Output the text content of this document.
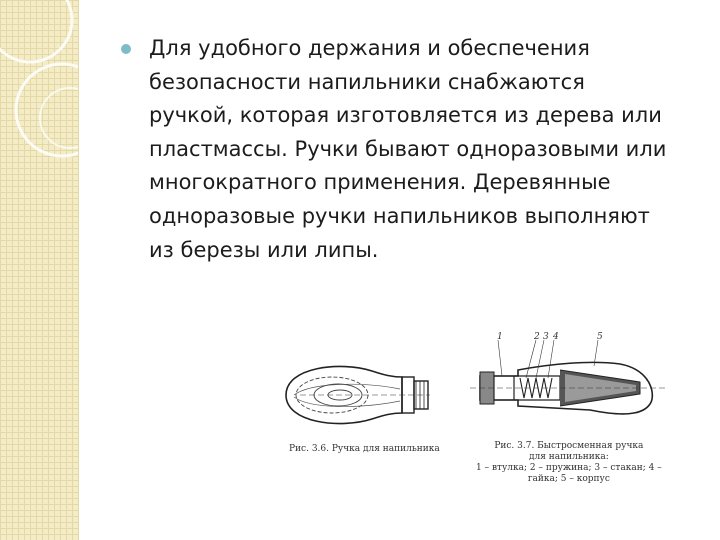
Для удобного держания и обеспечения безопасности напильники снабжаются ручкой, которая изготовляется из дерева или пластмассы. Ручки бывают одноразовыми или многократного применения. Деревянные одноразовые ручки напильников выполняют из березы или липы.

Рис. 3.6. Ручка для напильника

1	2 3 4	5
Рис. 3.7. Быстросменная ручка
для напильника:
1 – втулка; 2 – пружина; 3 – стакан; 4 –
гайка; 5 – корпус
